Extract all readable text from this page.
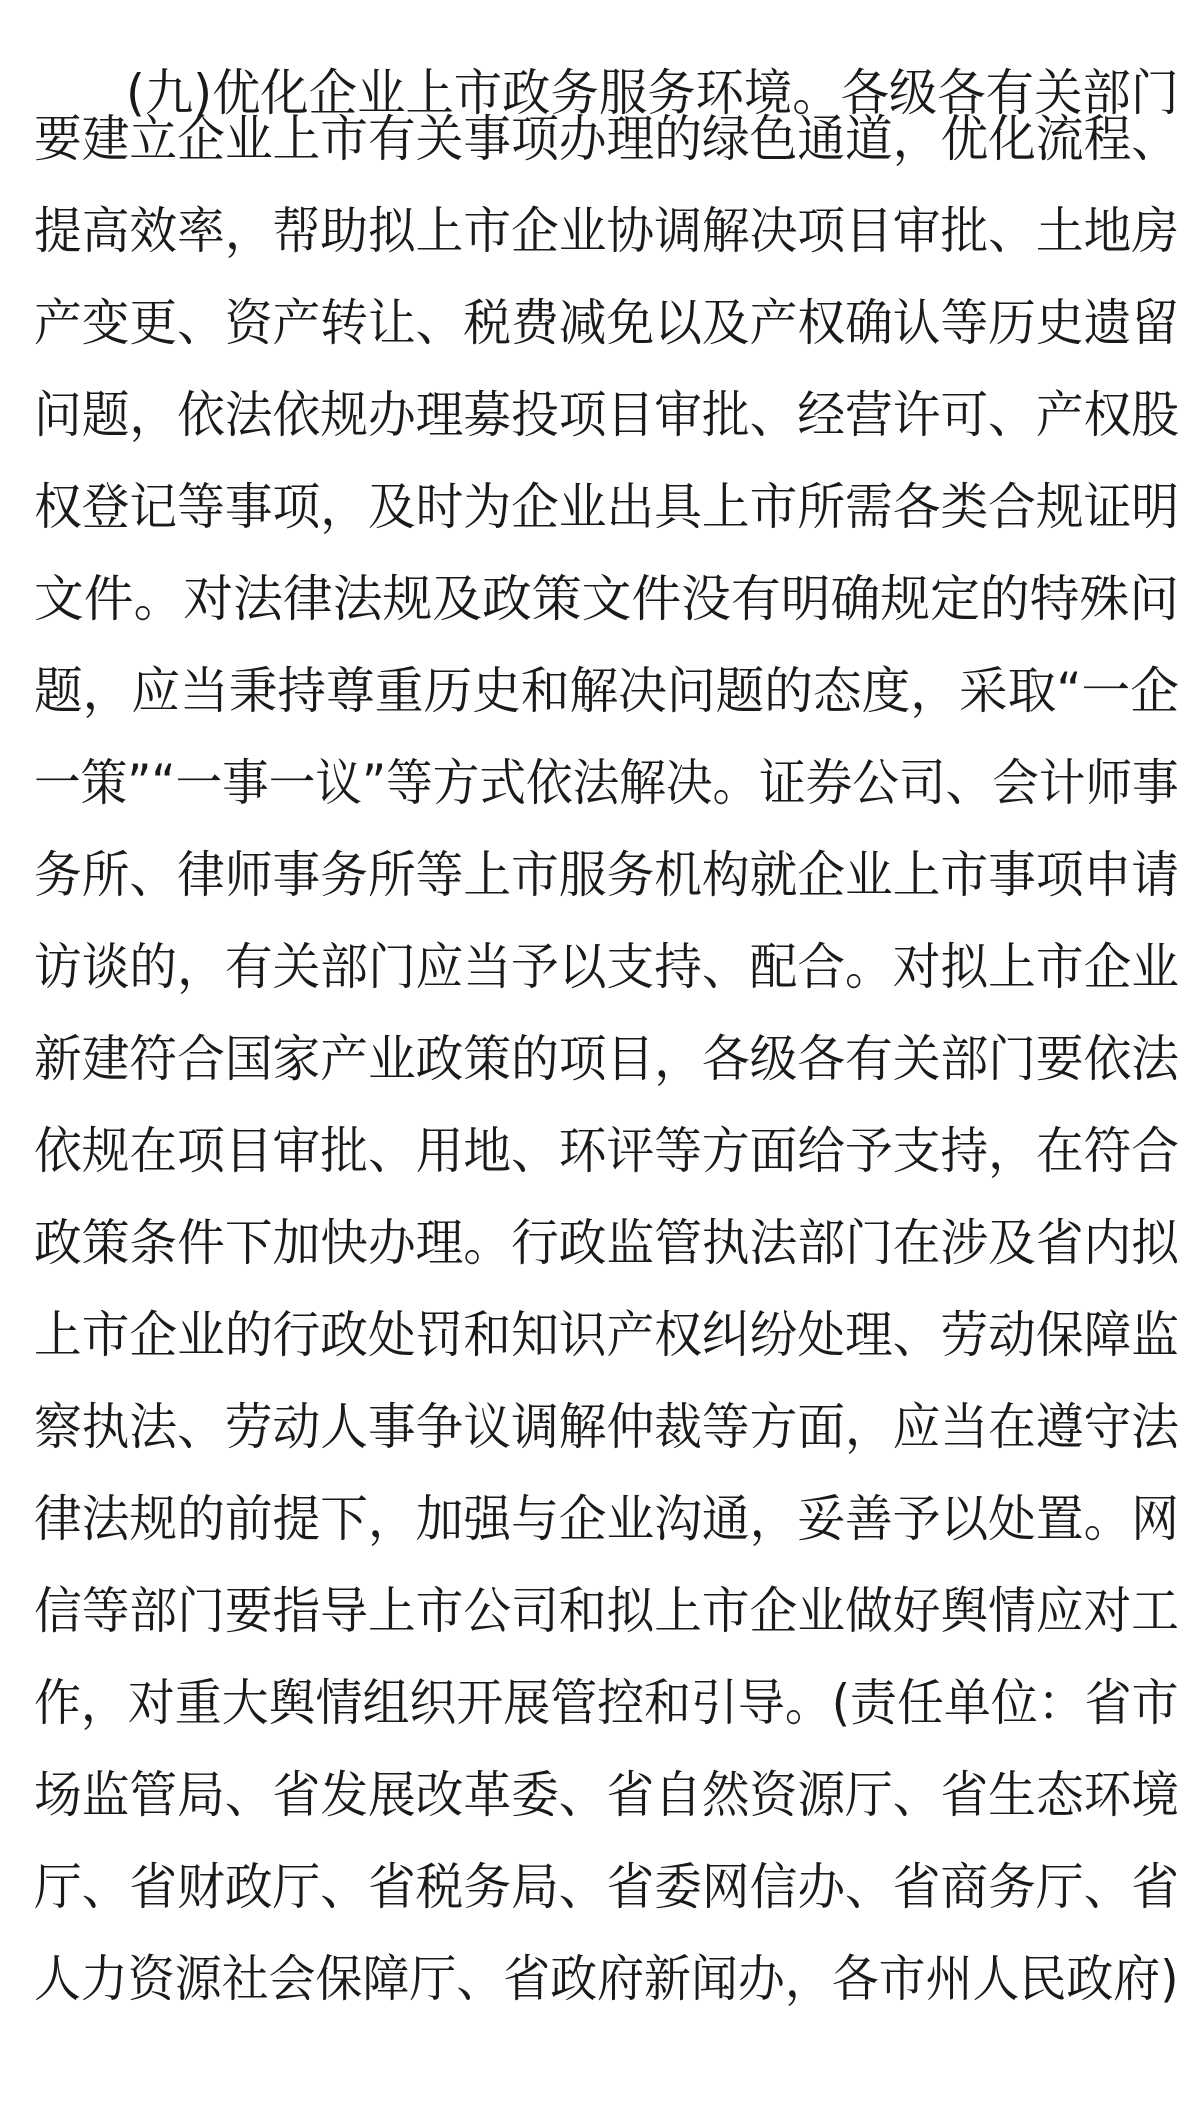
(九)优化企业上市政务服务环境。各级各有关部门
要建立企业上市有关事项办理的绿色通道，优化流程、
提高效率，帮助拟上市企业协调解决项目审批、土地房
产变更、资产转让、税费减免以及产权确认等历史遗留
问题，依法依规办理募投项目审批、经营许可、产权股
权登记等事项，及时为企业出具上市所需各类合规证明
文件。对法律法规及政策文件没有明确规定的特殊问
题，应当秉持尊重历史和解决问题的态度，采取“一企
一策”“一事一议”等方式依法解决。证券公司、会计师事
务所、律师事务所等上市服务机构就企业上市事项申请
访谈的，有关部门应当予以支持、配合。对拟上市企业
新建符合国家产业政策的项目，各级各有关部门要依法
依规在项目审批、用地、环评等方面给予支持，在符合
政策条件下加快办理。行政监管执法部门在涉及省内拟
上市企业的行政处罚和知识产权纠纷处理、劳动保障监
察执法、劳动人事争议调解仲裁等方面，应当在遵守法
律法规的前提下，加强与企业沟通，妥善予以处置。网
信等部门要指导上市公司和拟上市企业做好舆情应对工
作，对重大舆情组织开展管控和引导。(责任单位：省市
场监管局、省发展改革委、省自然资源厅、省生态环境
厅、省财政厅、省税务局、省委网信办、省商务厅、省
人力资源社会保障厅、省政府新闻办，各市州人民政府)
